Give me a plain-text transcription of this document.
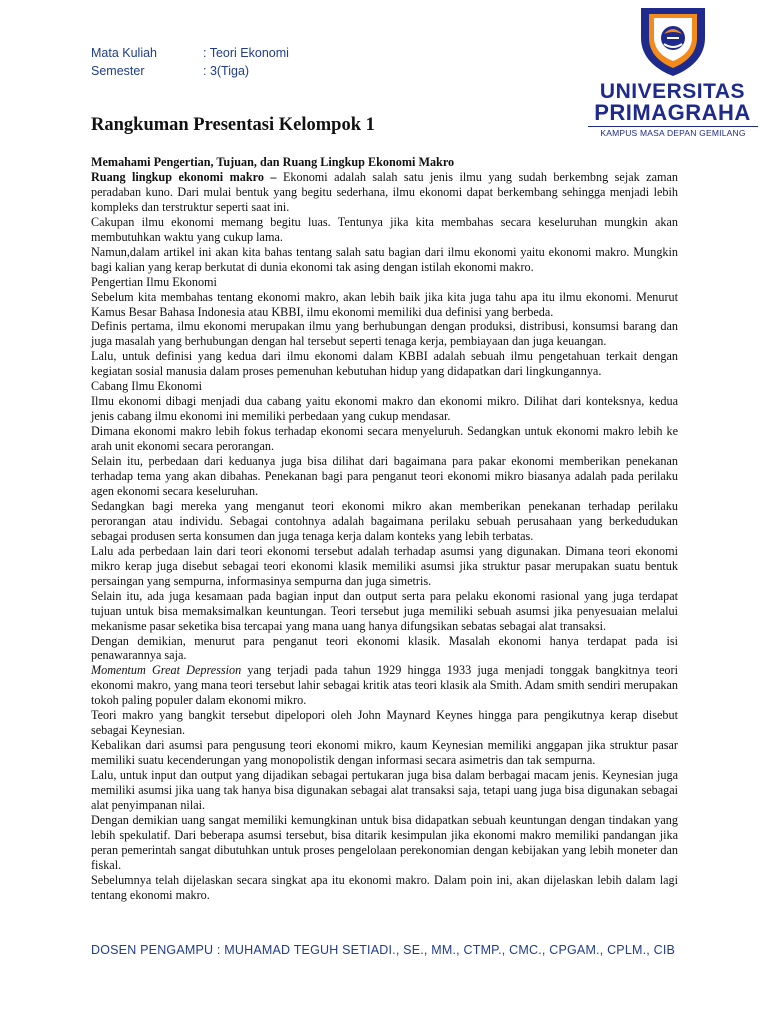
Mata Kuliah	: Teori Ekonomi
Semester	: 3(Tiga)
UNIVERSITAS
PRIMAGRAHA
KAMPUS MASA DEPAN GEMILANG
Rangkuman Presentasi Kelompok 1

Memahami Pengertian, Tujuan, dan Ruang Lingkup Ekonomi Makro

Ruang lingkup ekonomi makro – Ekonomi adalah salah satu jenis ilmu yang sudah berkembng sejak zaman peradaban kuno. Dari mulai bentuk yang begitu sederhana, ilmu ekonomi dapat berkembang sehingga menjadi lebih kompleks dan terstruktur seperti saat ini.

Cakupan ilmu ekonomi memang begitu luas. Tentunya jika kita membahas secara keseluruhan mungkin akan membutuhkan waktu yang cukup lama.

Namun,dalam artikel ini akan kita bahas tentang salah satu bagian dari ilmu ekonomi yaitu ekonomi makro. Mungkin bagi kalian yang kerap berkutat di dunia ekonomi tak asing dengan istilah ekonomi makro.

Pengertian Ilmu Ekonomi

Sebelum kita membahas tentang ekonomi makro, akan lebih baik jika kita juga tahu apa itu ilmu ekonomi. Menurut Kamus Besar Bahasa Indonesia atau KBBI, ilmu ekonomi memiliki dua definisi yang berbeda.

Definis pertama, ilmu ekonomi merupakan ilmu yang berhubungan dengan produksi, distribusi, konsumsi barang dan juga masalah yang berhubungan dengan hal tersebut seperti tenaga kerja, pembiayaan dan juga keuangan.

Lalu, untuk definisi yang kedua dari ilmu ekonomi dalam KBBI adalah sebuah ilmu pengetahuan terkait dengan kegiatan sosial manusia dalam proses pemenuhan kebutuhan hidup yang didapatkan dari lingkungannya.

Cabang Ilmu Ekonomi

Ilmu ekonomi dibagi menjadi dua cabang yaitu ekonomi makro dan ekonomi mikro. Dilihat dari konteksnya, kedua jenis cabang ilmu ekonomi ini memiliki perbedaan yang cukup mendasar.

Dimana ekonomi makro lebih fokus terhadap ekonomi secara menyeluruh. Sedangkan untuk ekonomi makro lebih ke arah unit ekonomi secara perorangan.

Selain itu, perbedaan dari keduanya juga bisa dilihat dari bagaimana para pakar ekonomi memberikan penekanan terhadap tema yang akan dibahas. Penekanan bagi para penganut teori ekonomi mikro biasanya adalah pada perilaku agen ekonomi secara keseluruhan.

Sedangkan bagi mereka yang menganut teori ekonomi mikro akan memberikan penekanan terhadap perilaku perorangan atau individu. Sebagai contohnya adalah bagaimana perilaku sebuah perusahaan yang berkedudukan sebagai produsen serta konsumen dan juga tenaga kerja dalam konteks yang lebih terbatas.

Lalu ada perbedaan lain dari teori ekonomi tersebut adalah terhadap asumsi yang digunakan. Dimana teori ekonomi mikro kerap juga disebut sebagai teori ekonomi klasik memiliki asumsi jika struktur pasar merupakan suatu bentuk persaingan yang sempurna, informasinya sempurna dan juga simetris.

Selain itu, ada juga kesamaan pada bagian input dan output serta para pelaku ekonomi rasional yang juga terdapat tujuan untuk bisa memaksimalkan keuntungan. Teori tersebut juga memiliki sebuah asumsi jika penyesuaian melalui mekanisme pasar seketika bisa tercapai yang mana uang hanya difungsikan sebatas sebagai alat transaksi.

Dengan demikian, menurut para penganut teori ekonomi klasik. Masalah ekonomi hanya terdapat pada isi penawarannya saja.

Momentum Great Depression yang terjadi pada tahun 1929 hingga 1933 juga menjadi tonggak bangkitnya teori ekonomi makro, yang mana teori tersebut lahir sebagai kritik atas teori klasik ala Smith. Adam smith sendiri merupakan tokoh paling populer dalam ekonomi mikro.

Teori makro yang bangkit tersebut dipelopori oleh John Maynard Keynes hingga para pengikutnya kerap disebut sebagai Keynesian.

Kebalikan dari asumsi para pengusung teori ekonomi mikro, kaum Keynesian memiliki anggapan jika struktur pasar memiliki suatu kecenderungan yang monopolistik dengan informasi secara asimetris dan tak sempurna.

Lalu, untuk input dan output yang dijadikan sebagai pertukaran juga bisa dalam berbagai macam jenis. Keynesian juga memiliki asumsi jika uang tak hanya bisa digunakan sebagai alat transaksi saja, tetapi uang juga bisa digunakan sebagai alat penyimpanan nilai.

Dengan demikian uang sangat memiliki kemungkinan untuk bisa didapatkan sebuah keuntungan dengan tindakan yang lebih spekulatif. Dari beberapa asumsi tersebut, bisa ditarik kesimpulan jika ekonomi makro memiliki pandangan jika peran pemerintah sangat dibutuhkan untuk proses pengelolaan perekonomian dengan kebijakan yang lebih moneter dan fiskal.

Sebelumnya telah dijelaskan secara singkat apa itu ekonomi makro. Dalam poin ini, akan dijelaskan lebih dalam lagi tentang ekonomi makro.

DOSEN PENGAMPU : MUHAMAD TEGUH SETIADI., SE., MM., CTMP., CMC., CPGAM., CPLM., CIB
